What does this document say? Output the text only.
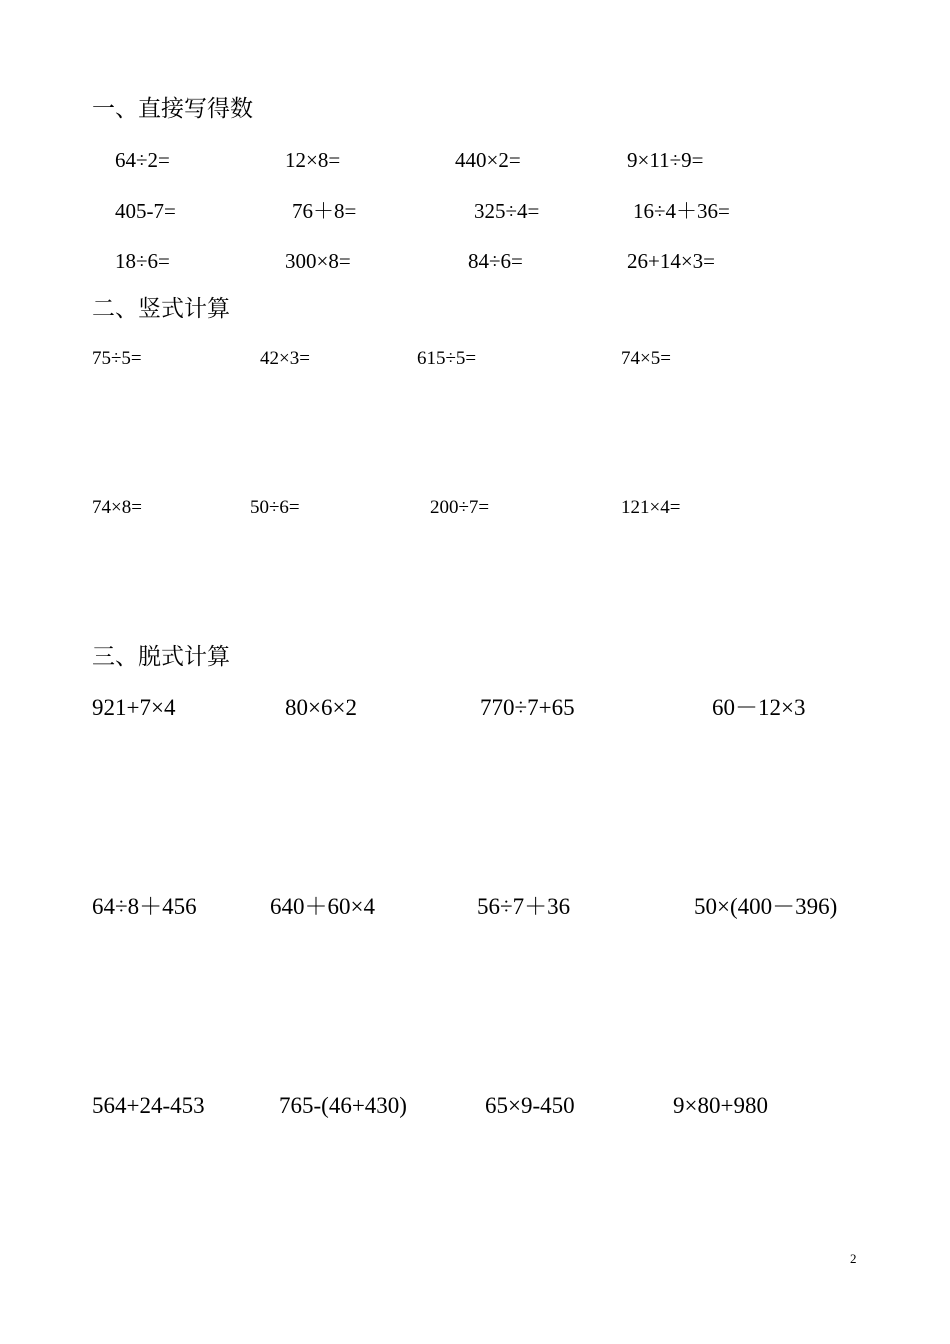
一、直接写得数
64÷2=	12×8=	440×2=	9×11÷9=
405-7=	76＋8=	325÷4=	16÷4＋36=
18÷6=	300×8=	84÷6=	26+14×3=
二、竖式计算
75÷5=	42×3=	615÷5=	74×5=
74×8=	50÷6=	200÷7=	121×4=
三、脱式计算
921+7×4	80×6×2	770÷7+65	60－12×3
64÷8＋456	640＋60×4	56÷7＋36	50×(400－396)
564+24-453	765-(46+430)	65×9-450	9×80+980
2
